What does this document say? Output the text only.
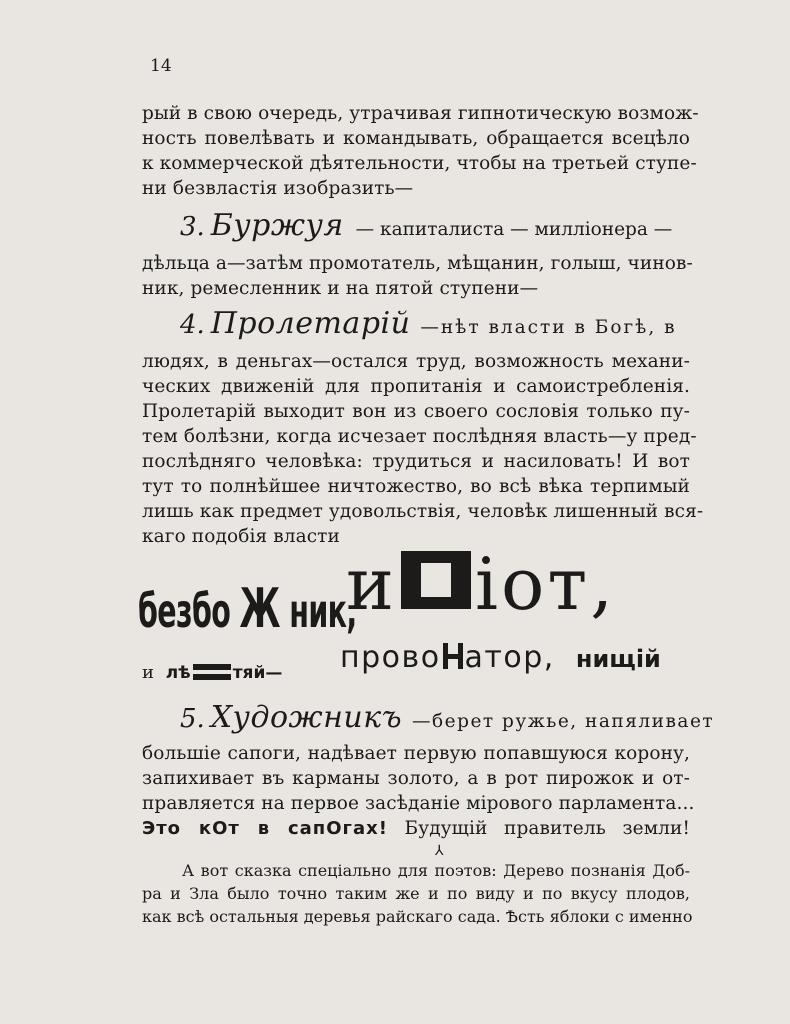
14
рый в свою очередь, утрачивая гипнотическую возмож-
ность повелѣвать и командывать, обращается всецѣло
к коммерческой дѣятельности, чтобы на третьей ступе-
ни безвластія изобразить—
3. Буржуя — капиталиста — милліонера —
дѣльца а—затѣм промотатель, мѣщанин, голыш, чинов-
ник, ремесленник и на пятой ступени—
4. Пролетарій —нѣт власти в Богѣ, в
людях, в деньгах—остался труд, возможность механи-
ческих движеній для пропитанія и самоистребленія.
Пролетарій выходит вон из своего сословія только пу-
тем болѣзни, когда исчезает послѣдняя власть—у пред-
послѣдняго человѣка: трудиться и насиловать! И вот
тут то полнѣйшее ничтожество, во всѣ вѣка терпимый
лишь как предмет удовольствія, человѣк лишенный вся-
каго подобія власти
безбо Ж ник,
и іот,
прово атор, нищій
и лѣ тяй—
5. Художникъ —берет ружье, напяливает
большіе сапоги, надѣвает первую попавшуюся корону,
запихивает въ карманы золото, а в рот пирожок и от-
правляется на первое засѣданіе мірового парламента...
Это кОт в сапОгах! Будущій правитель земли!
⅄
А вот сказка спеціально для поэтов: Дерево познанія Доб-
ра и Зла было точно таким же и по виду и по вкусу плодов,
как всѣ остальныя деревья райскаго сада. Ѣсть яблоки с именно
